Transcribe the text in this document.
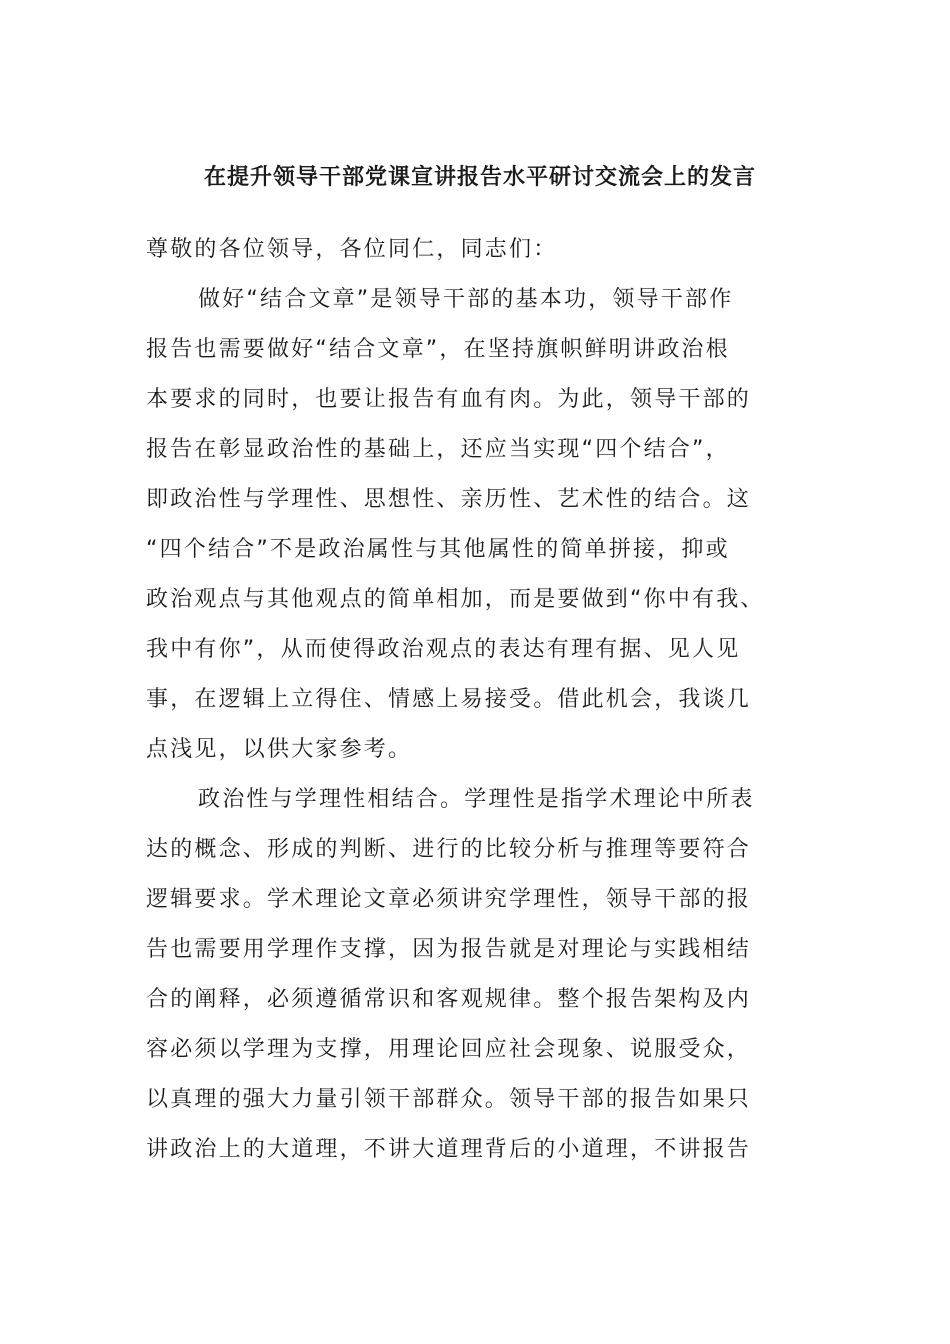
在提升领导干部党课宣讲报告水平研讨交流会上的发言
尊敬的各位领导，各位同仁，同志们：
做好“结合文章”是领导干部的基本功，领导干部作
报告也需要做好“结合文章”，在坚持旗帜鲜明讲政治根
本要求的同时，也要让报告有血有肉。为此，领导干部的
报告在彰显政治性的基础上，还应当实现“四个结合”，
即政治性与学理性、思想性、亲历性、艺术性的结合。这
“四个结合”不是政治属性与其他属性的简单拼接，抑或
政治观点与其他观点的简单相加，而是要做到“你中有我、
我中有你”，从而使得政治观点的表达有理有据、见人见
事，在逻辑上立得住、情感上易接受。借此机会，我谈几
点浅见，以供大家参考。
政治性与学理性相结合。学理性是指学术理论中所表
达的概念、形成的判断、进行的比较分析与推理等要符合
逻辑要求。学术理论文章必须讲究学理性，领导干部的报
告也需要用学理作支撑，因为报告就是对理论与实践相结
合的阐释，必须遵循常识和客观规律。整个报告架构及内
容必须以学理为支撑，用理论回应社会现象、说服受众，
以真理的强大力量引领干部群众。领导干部的报告如果只
讲政治上的大道理，不讲大道理背后的小道理，不讲报告
